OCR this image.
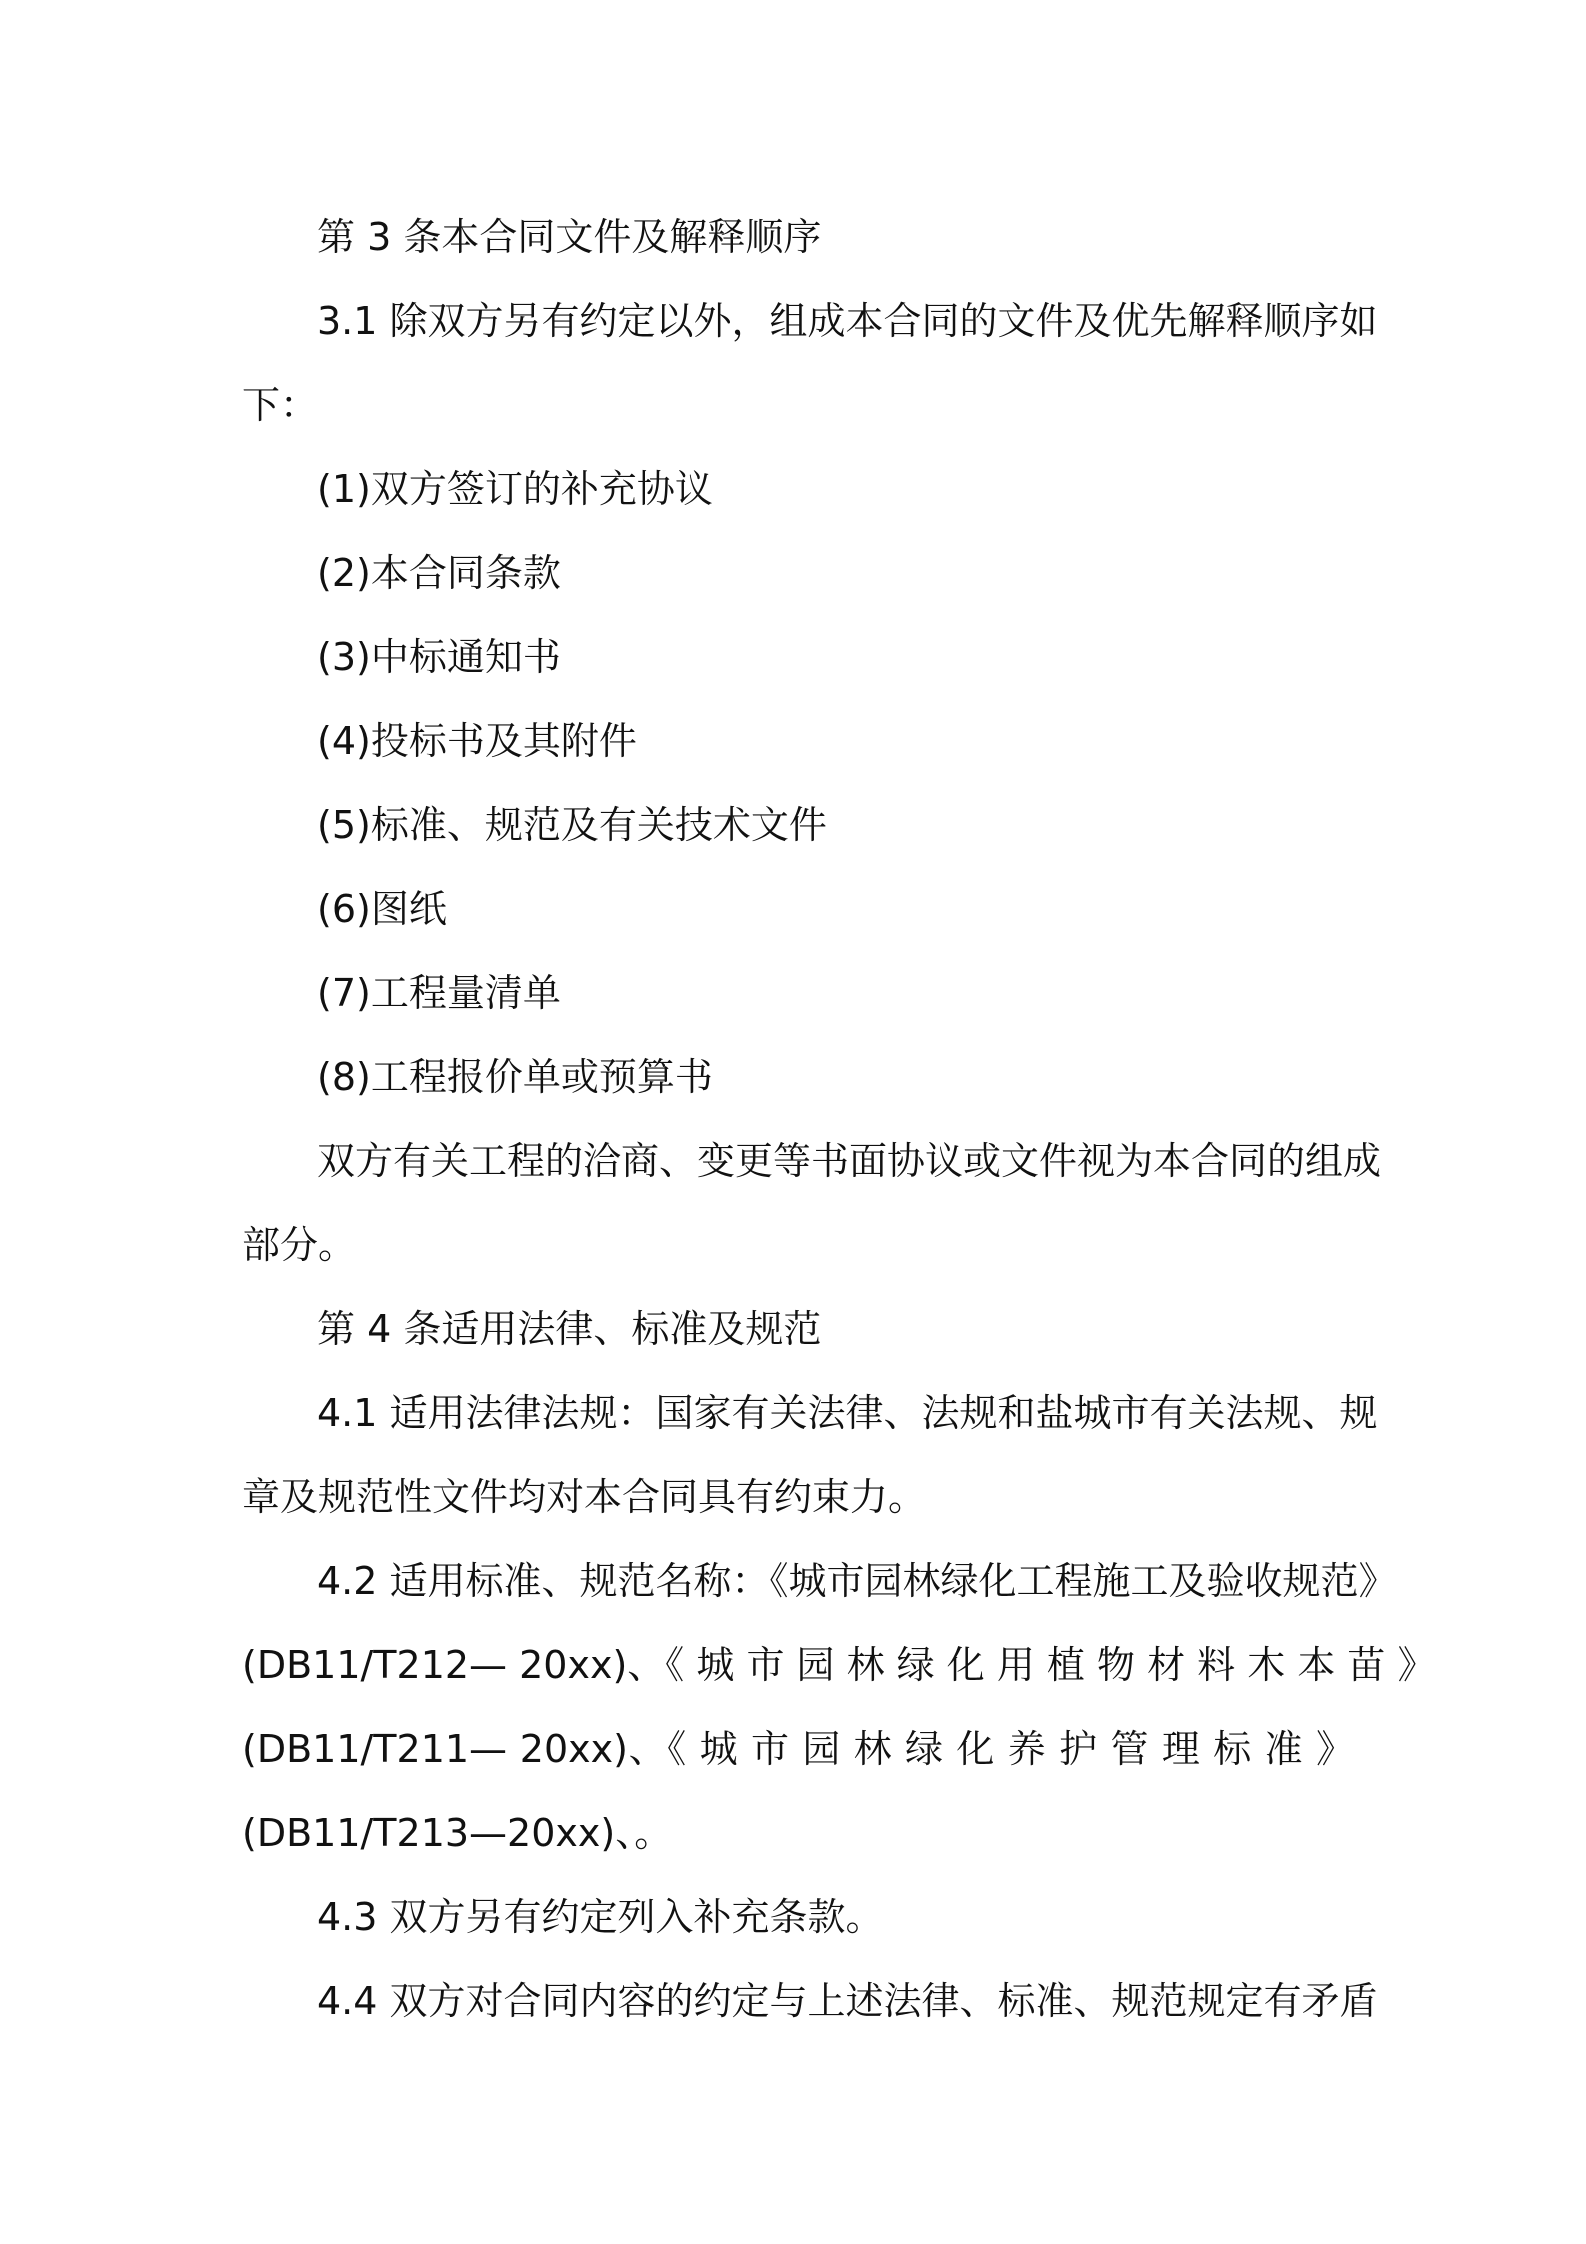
第 3 条本合同文件及解释顺序
3.1 除双方另有约定以外，组成本合同的文件及优先解释顺序如
下：
(1)双方签订的补充协议
(2)本合同条款
(3)中标通知书
(4)投标书及其附件
(5)标准、规范及有关技术文件
(6)图纸
(7)工程量清单
(8)工程报价单或预算书
双方有关工程的洽商、变更等书面协议或文件视为本合同的组成
部分。
第 4 条适用法律、标准及规范
4.1 适用法律法规：国家有关法律、法规和盐城市有关法规、规
章及规范性文件均对本合同具有约束力。
4.2 适用标准、规范名称：《城市园林绿化工程施工及验收规范》
(DB11/T212— 20xx)、《 城 市 园 林 绿 化 用 植 物 材 料 木 本 苗 》
(DB11/T211— 20xx)、《 城 市 园 林 绿 化 养 护 管 理 标 准 》
(DB11/T213—20xx)、。
4.3 双方另有约定列入补充条款。
4.4 双方对合同内容的约定与上述法律、标准、规范规定有矛盾
